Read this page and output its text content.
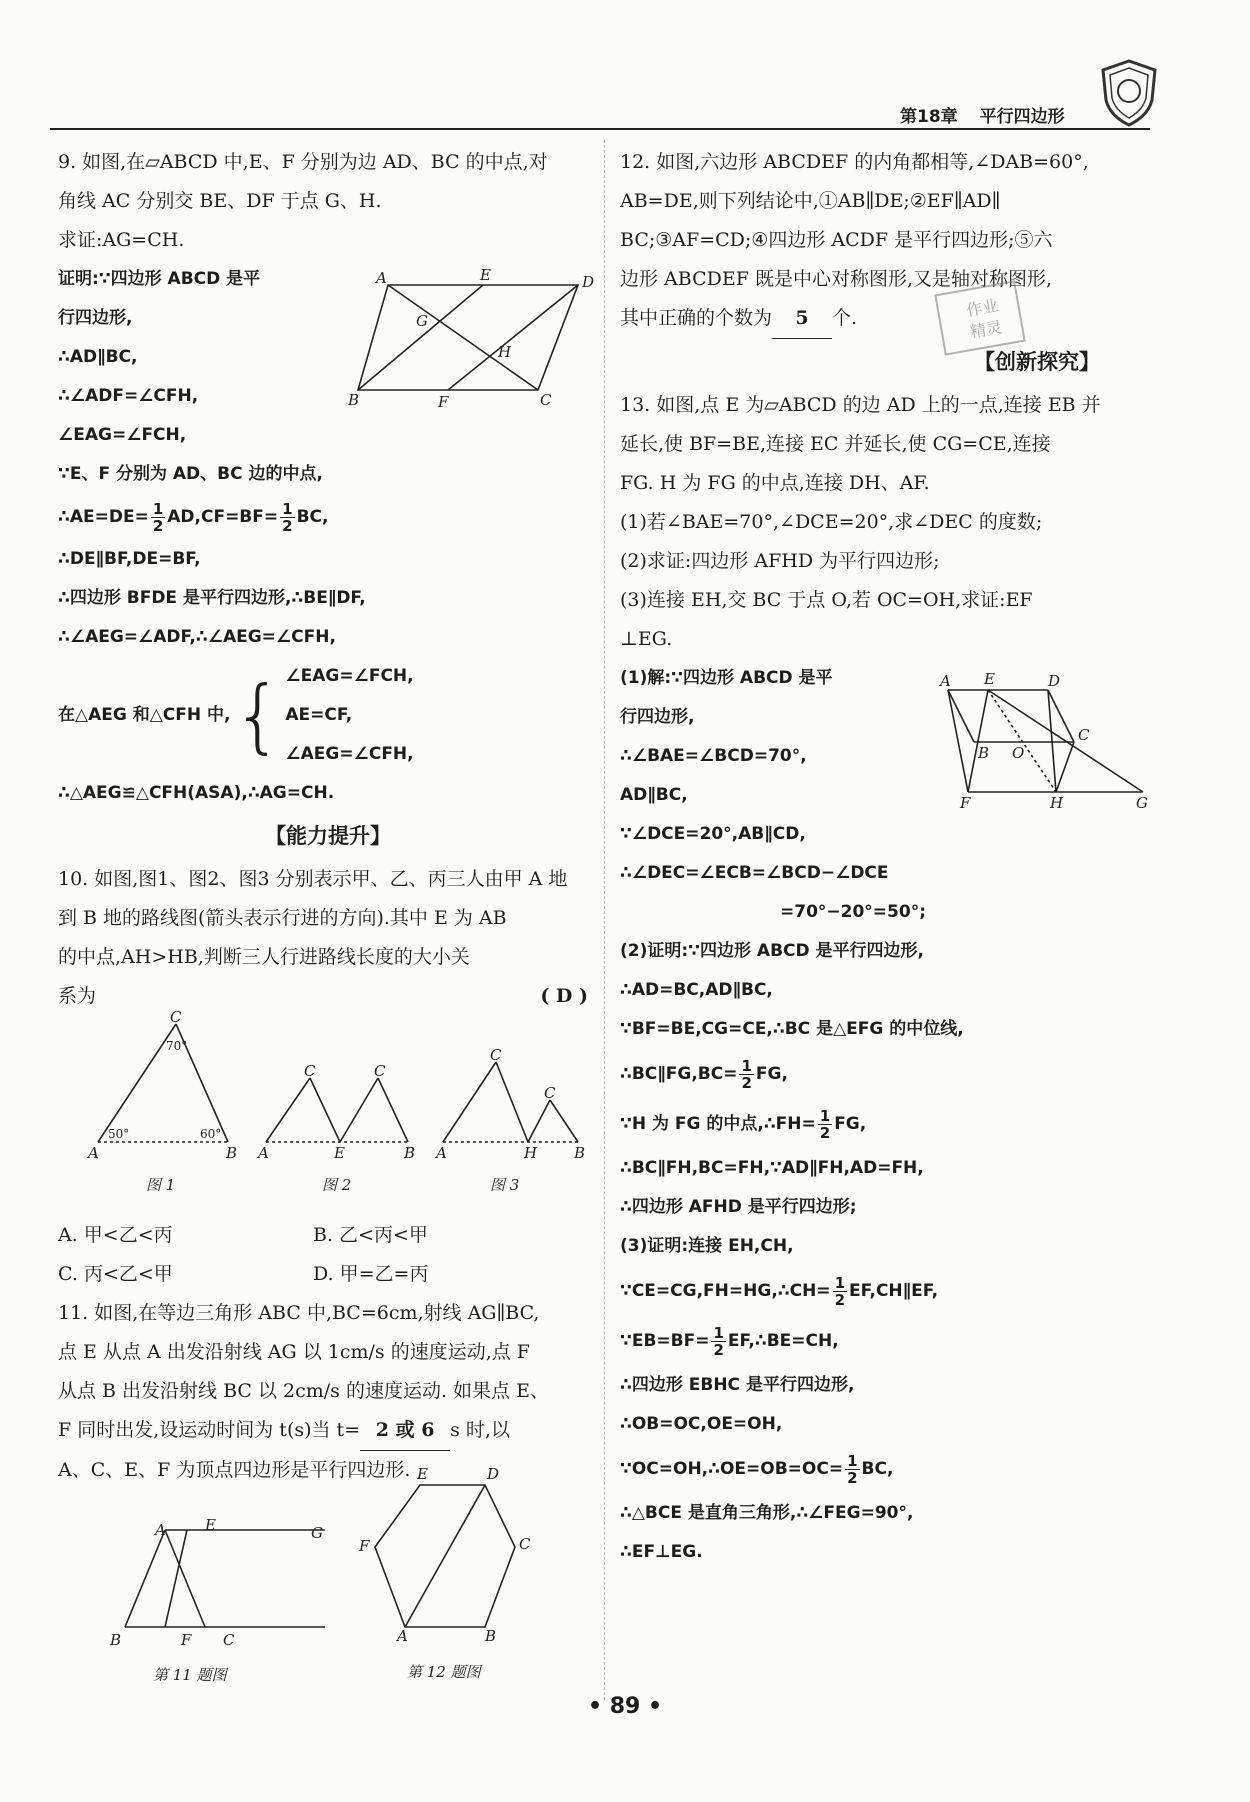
第18章 平行四边形

9. 如图,在▱ABCD 中,E、F 分别为边 AD、BC 的中点,对

角线 AC 分别交 BE、DF 于点 G、H.

求证:AG=CH.

证明:∵四边形 ABCD 是平

行四边形,

∴AD∥BC,

∴∠ADF=∠CFH,

∠EAG=∠FCH,

∵E、F 分别为 AD、BC 边的中点,

∴AE=DE= $\frac{1}{2} AD,CF=BF= \frac{1}{2}$ BC,

∴DE∥BF,DE=BF,

∴四边形 BFDE 是平行四边形,∴BE∥DF,

∴∠AEG=∠ADF,∴∠AEG=∠CFH,

在△AEG 和△CFH 中, { ∠EAG=∠FCH,
AE=CF,
∠AEG=∠CFH,

∴△AEG≌△CFH(ASA),∴AG=CH.

【能力提升】

10. 如图,图1、图2、图3 分别表示甲、乙、丙三人由甲 A 地

到 B 地的路线图(箭头表示行进的方向).其中 E 为 AB

的中点,AH>HB,判断三人行进路线长度的大小关

系为	( D )

A. 甲<乙<丙	B. 乙<丙<甲

C. 丙<乙<甲	D. 甲=乙=丙

11. 如图,在等边三角形 ABC 中,BC=6cm,射线 AG∥BC,

点 E 从点 A 出发沿射线 AG 以 1cm/s 的速度运动,点 F

从点 B 出发沿射线 BC 以 2cm/s 的速度运动. 如果点 E、

F 同时出发,设运动时间为 t(s)当 t= 2 或 6 s 时,以

A、C、E、F 为顶点四边形是平行四边形.

A	E	D
G
H
B	F	C
C
70°
50°	60°
A	B
C	C
A	E	B
C
C
A	H B
图 1	图 2	图 3
A	E	G
B	F C
第 11 题图
E	D
C
F
A	B
第 12 题图

12. 如图,六边形 ABCDEF 的内角都相等,∠DAB=60°,

AB=DE,则下列结论中,①AB∥DE;②EF∥AD∥

BC;③AF=CD;④四边形 ACDF 是平行四边形;⑤六

边形 ABCDEF 既是中心对称图形,又是轴对称图形,

其中正确的个数为 5 个.

【创新探究】

13. 如图,点 E 为▱ABCD 的边 AD 上的一点,连接 EB 并

延长,使 BF=BE,连接 EC 并延长,使 CG=CE,连接

FG. H 为 FG 的中点,连接 DH、AF.

(1)若∠BAE=70°,∠DCE=20°,求∠DEC 的度数;

(2)求证:四边形 AFHD 为平行四边形;

(3)连接 EH,交 BC 于点 O,若 OC=OH,求证:EF

⊥EG.

(1)解:∵四边形 ABCD 是平

行四边形,

∴∠BAE=∠BCD=70°,

AD∥BC,

∵∠DCE=20°,AB∥CD,

∴∠DEC=∠ECB=∠BCD−∠DCE

=70°−20°=50°;

(2)证明:∵四边形 ABCD 是平行四边形,

∴AD=BC,AD∥BC,

∵BF=BE,CG=CE,∴BC 是△EFG 的中位线,

∴BC∥FG,BC= $\frac{1}{2}$ FG,

∵H 为 FG 的中点,∴FH= $\frac{1}{2}$ FG,

∴BC∥FH,BC=FH,∵AD∥FH,AD=FH,

∴四边形 AFHD 是平行四边形;

(3)证明:连接 EH,CH,

∵CE=CG,FH=HG,∴CH= $\frac{1}{2}$ EF,CH∥EF,

∵EB=BF= $\frac{1}{2}$ EF,∴BE=CH,

∴四边形 EBHC 是平行四边形,

∴OB=OC,OE=OH,

∵OC=OH,∴OE=OB=OC= $\frac{1}{2}$ BC,

∴△BCE 是直角三角形,∴∠FEG=90°,

∴EF⊥EG.

A E	D
C
B O
F	H	G
作业
精灵
• 89 •
